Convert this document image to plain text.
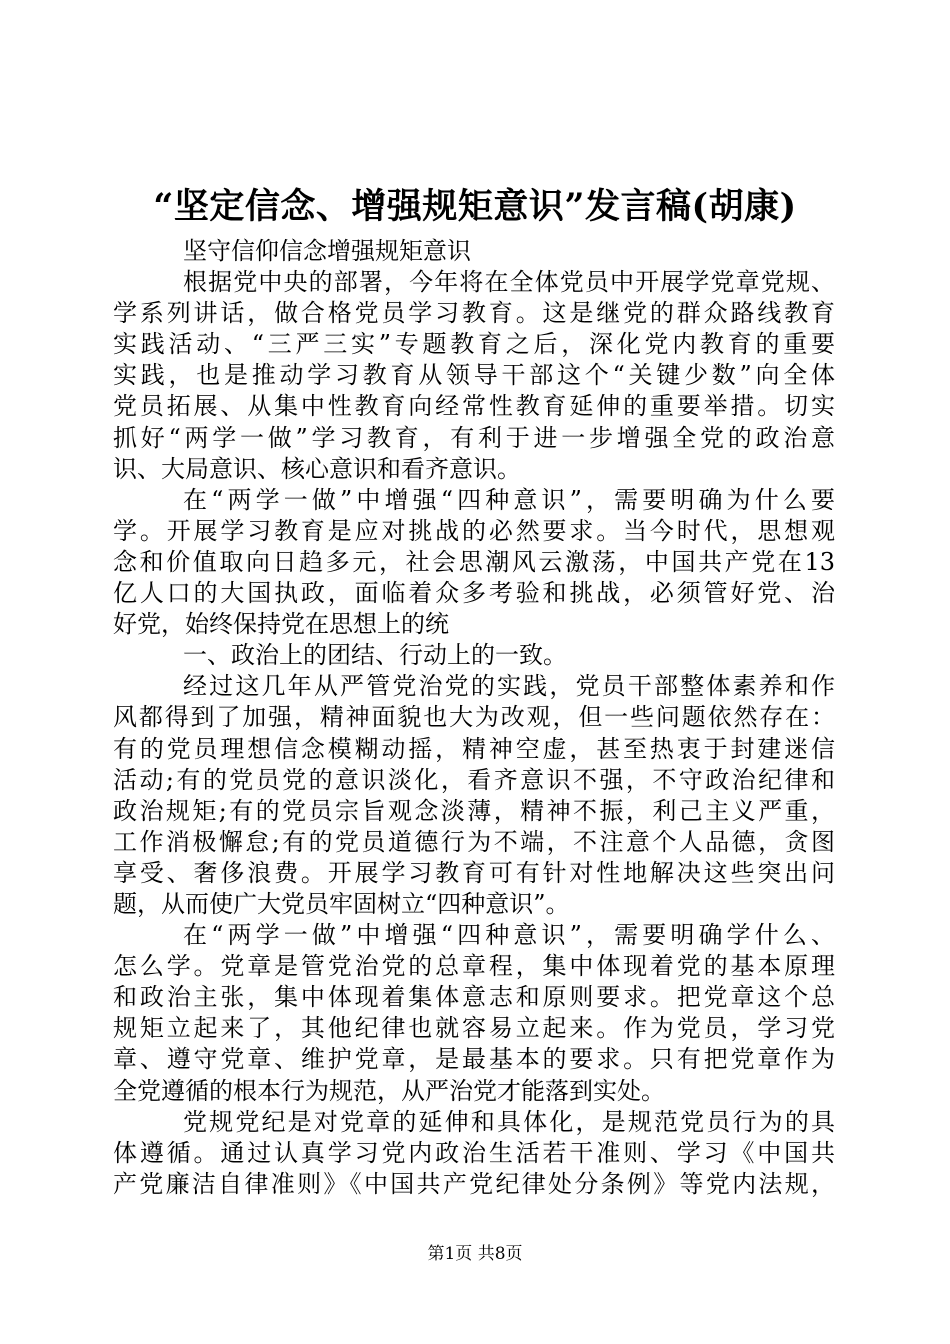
“坚定信念、增强规矩意识”发言稿(胡康)
坚守信仰信念增强规矩意识
根据党中央的部署，今年将在全体党员中开展学党章党规、
学系列讲话，做合格党员学习教育。这是继党的群众路线教育
实践活动、“三严三实”专题教育之后，深化党内教育的重要
实践，也是推动学习教育从领导干部这个“关键少数”向全体
党员拓展、从集中性教育向经常性教育延伸的重要举措。切实
抓好“两学一做”学习教育，有利于进一步增强全党的政治意
识、大局意识、核心意识和看齐意识。
在“两学一做”中增强“四种意识”，需要明确为什么要
学。开展学习教育是应对挑战的必然要求。当今时代，思想观
念和价值取向日趋多元，社会思潮风云激荡，中国共产党在13
亿人口的大国执政，面临着众多考验和挑战，必须管好党、治
好党，始终保持党在思想上的统
一、政治上的团结、行动上的一致。
经过这几年从严管党治党的实践，党员干部整体素养和作
风都得到了加强，精神面貌也大为改观，但一些问题依然存在：
有的党员理想信念模糊动摇，精神空虚，甚至热衷于封建迷信
活动;有的党员党的意识淡化，看齐意识不强，不守政治纪律和
政治规矩;有的党员宗旨观念淡薄，精神不振，利己主义严重，
工作消极懈怠;有的党员道德行为不端，不注意个人品德，贪图
享受、奢侈浪费。开展学习教育可有针对性地解决这些突出问
题，从而使广大党员牢固树立“四种意识”。
在“两学一做”中增强“四种意识”，需要明确学什么、
怎么学。党章是管党治党的总章程，集中体现着党的基本原理
和政治主张，集中体现着集体意志和原则要求。把党章这个总
规矩立起来了，其他纪律也就容易立起来。作为党员，学习党
章、遵守党章、维护党章，是最基本的要求。只有把党章作为
全党遵循的根本行为规范，从严治党才能落到实处。
党规党纪是对党章的延伸和具体化，是规范党员行为的具
体遵循。通过认真学习党内政治生活若干准则、学习《中国共
产党廉洁自律准则》《中国共产党纪律处分条例》等党内法规，
第1页 共8页
